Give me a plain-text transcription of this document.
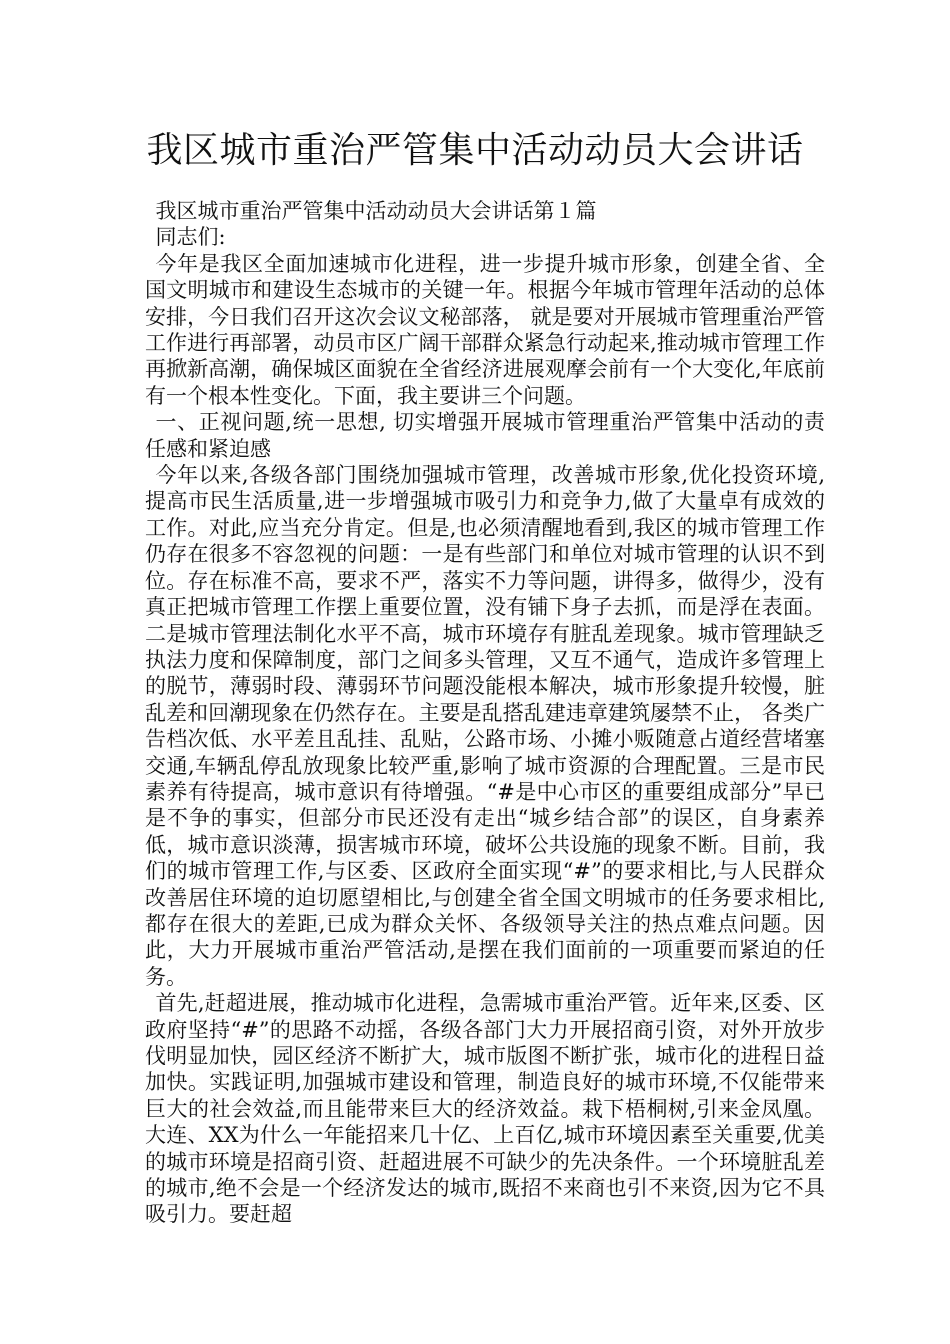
我区城市重治严管集中活动动员大会讲话

我区城市重治严管集中活动动员大会讲话第１篇

同志们:

今年是我区全面加速城市化进程，进一步提升城市形象，创建全省、全国文明城市和建设生态城市的关键一年。根据今年城市管理年活动的总体安排，今日我们召开这次会议文秘部落， 就是要对开展城市管理重治严管工作进行再部署，动员市区广阔干部群众紧急行动起来,推动城市管理工作再掀新高潮，确保城区面貌在全省经济进展观摩会前有一个大变化,年底前有一个根本性变化。下面，我主要讲三个问题。

一、正视问题,统一思想, 切实增强开展城市管理重治严管集中活动的责任感和紧迫感

今年以来,各级各部门围绕加强城市管理，改善城市形象,优化投资环境,提高市民生活质量,进一步增强城市吸引力和竞争力,做了大量卓有成效的工作。对此,应当充分肯定。但是,也必须清醒地看到,我区的城市管理工作仍存在很多不容忽视的问题：一是有些部门和单位对城市管理的认识不到位。存在标准不高，要求不严，落实不力等问题，讲得多，做得少，没有真正把城市管理工作摆上重要位置，没有铺下身子去抓，而是浮在表面。二是城市管理法制化水平不高，城市环境存有脏乱差现象。城市管理缺乏执法力度和保障制度，部门之间多头管理，又互不通气，造成许多管理上的脱节，薄弱时段、薄弱环节问题没能根本解决，城市形象提升较慢，脏乱差和回潮现象在仍然存在。主要是乱搭乱建违章建筑屡禁不止， 各类广告档次低、水平差且乱挂、乱贴，公路市场、小摊小贩随意占道经营堵塞交通,车辆乱停乱放现象比较严重,影响了城市资源的合理配置。三是市民素养有待提高，城市意识有待增强。“#是中心市区的重要组成部分”早已是不争的事实，但部分市民还没有走出“城乡结合部”的误区，自身素养低，城市意识淡薄，损害城市环境，破坏公共设施的现象不断。目前，我们的城市管理工作,与区委、区政府全面实现“#”的要求相比,与人民群众改善居住环境的迫切愿望相比,与创建全省全国文明城市的任务要求相比,都存在很大的差距,已成为群众关怀、各级领导关注的热点难点问题。因此，大力开展城市重治严管活动,是摆在我们面前的一项重要而紧迫的任务。

首先,赶超进展，推动城市化进程，急需城市重治严管。近年来,区委、区政府坚持“#”的思路不动摇，各级各部门大力开展招商引资，对外开放步伐明显加快，园区经济不断扩大，城市版图不断扩张，城市化的进程日益加快。实践证明,加强城市建设和管理，制造良好的城市环境,不仅能带来巨大的社会效益,而且能带来巨大的经济效益。栽下梧桐树,引来金凤凰。大连、XX为什么一年能招来几十亿、上百亿,城市环境因素至关重要,优美的城市环境是招商引资、赶超进展不可缺少的先决条件。一个环境脏乱差的城市,绝不会是一个经济发达的城市,既招不来商也引不来资,因为它不具吸引力。要赶超
